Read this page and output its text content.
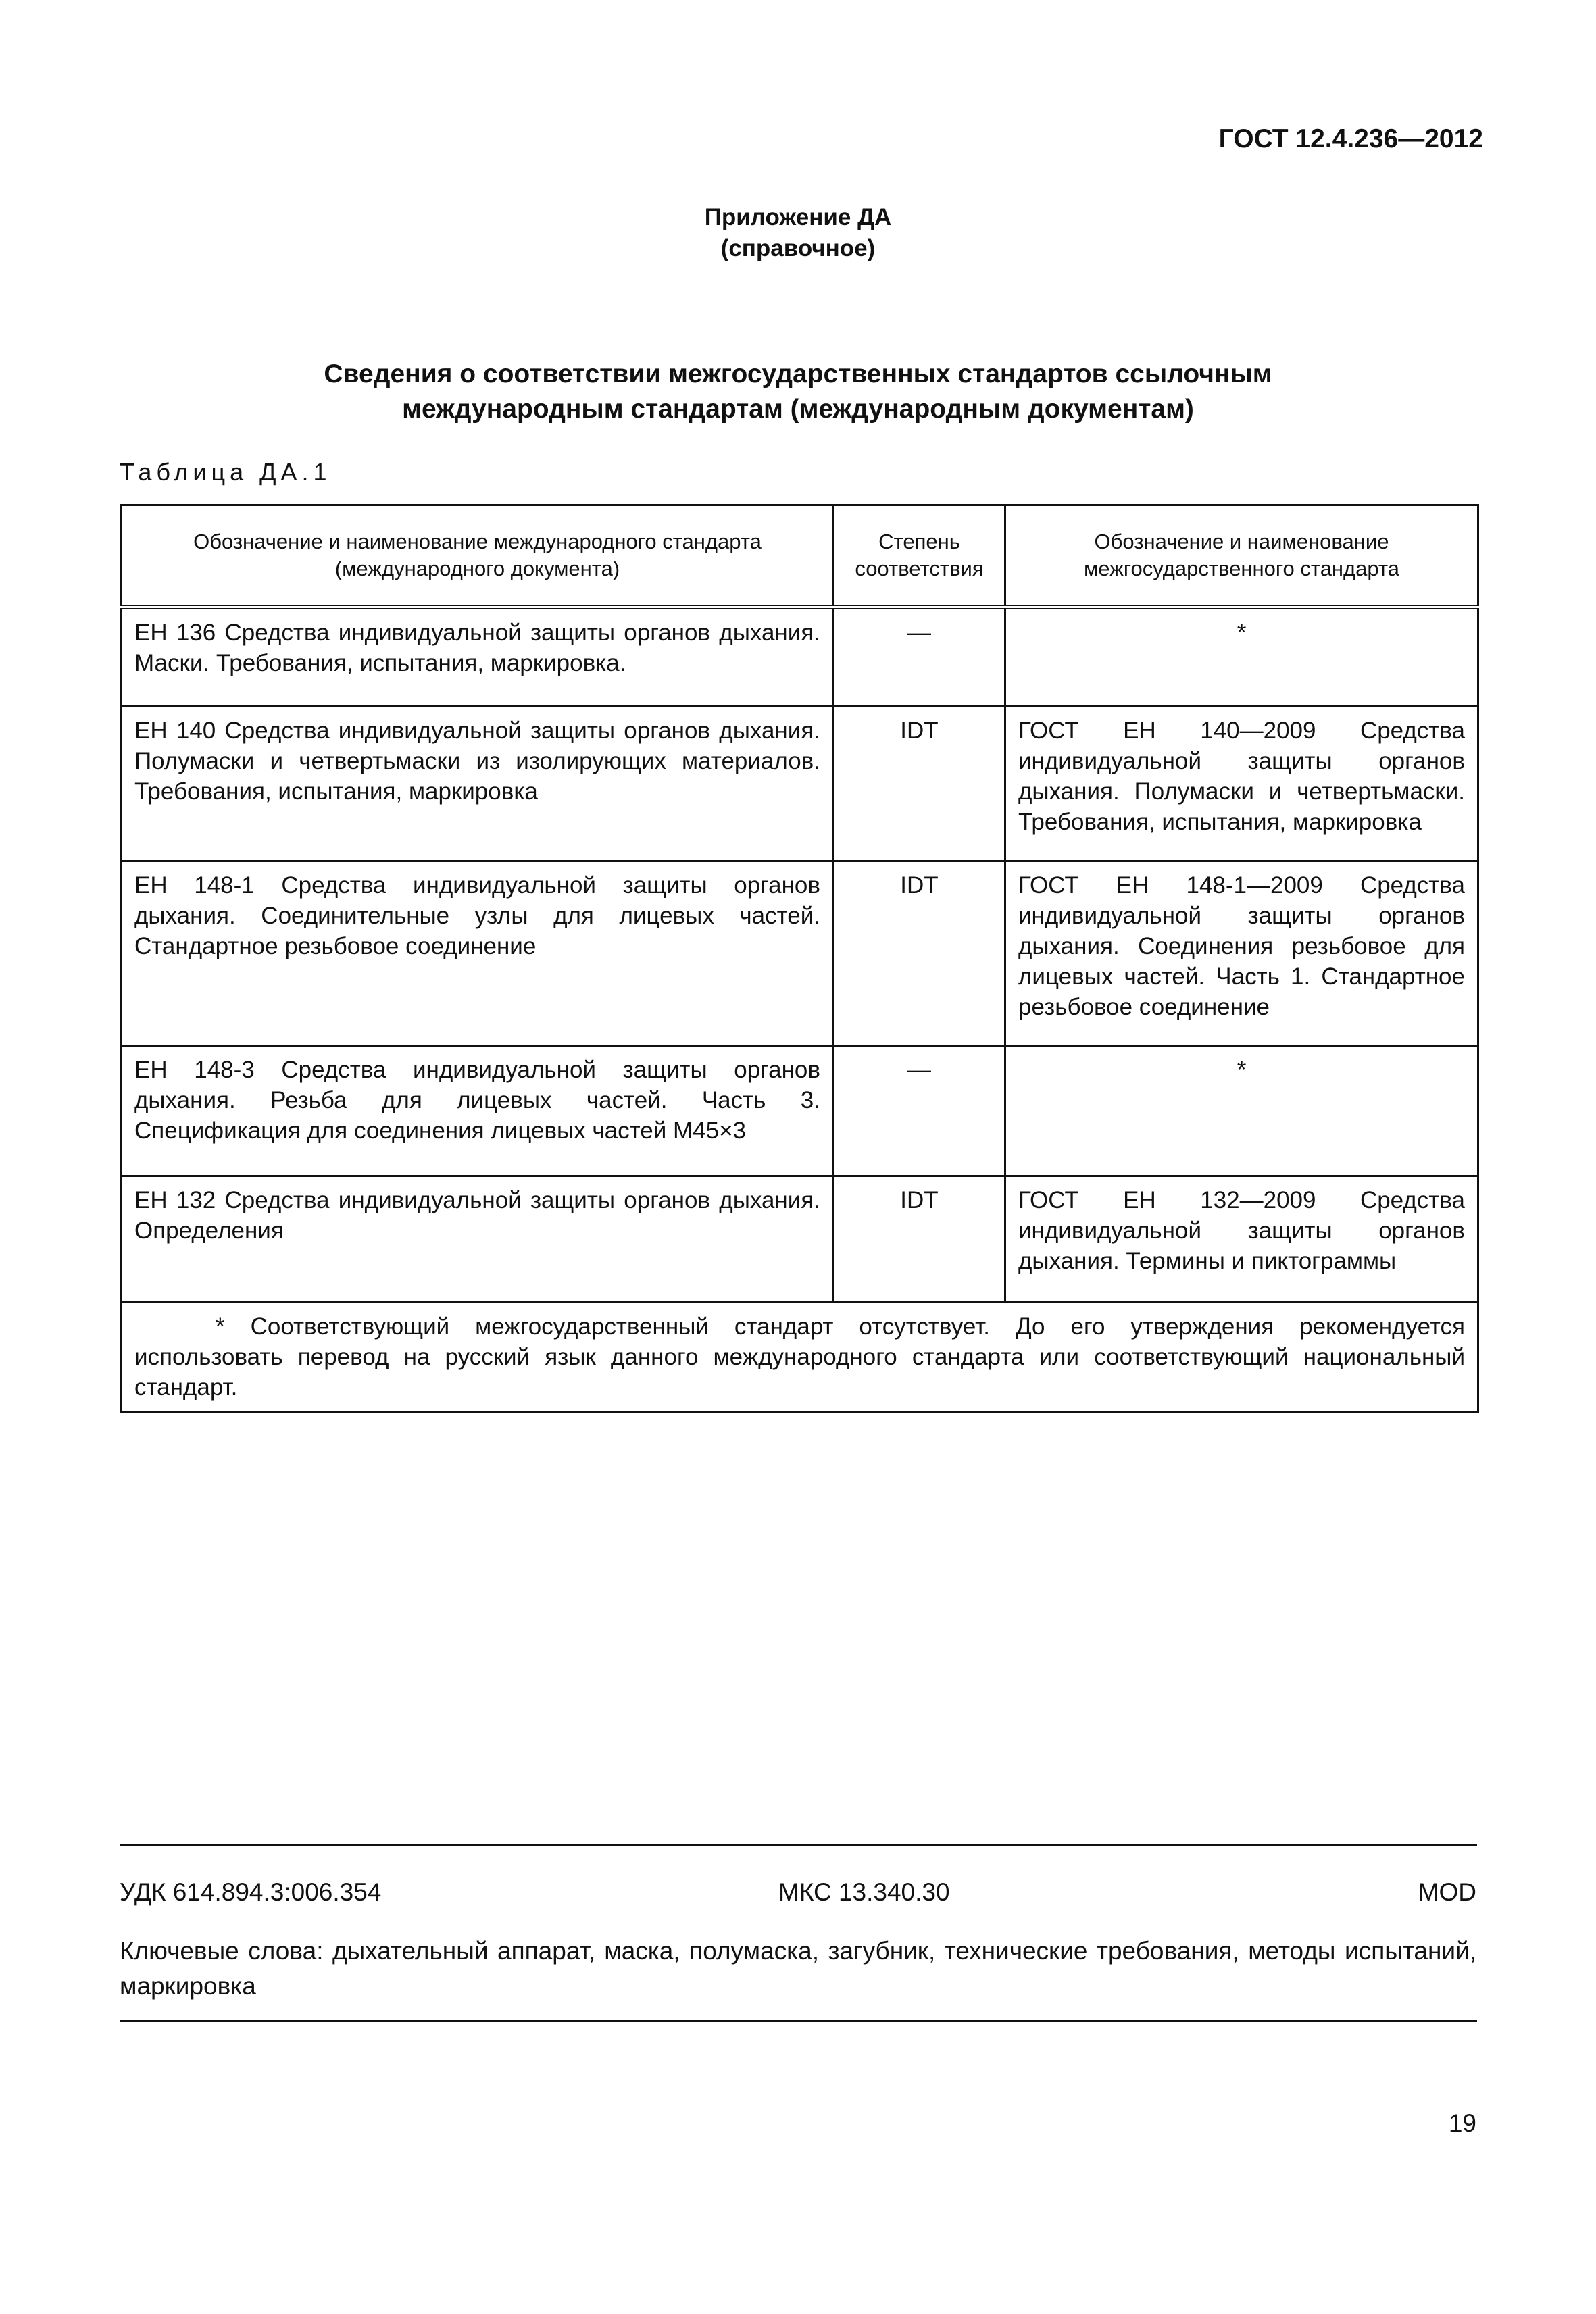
ГОСТ 12.4.236—2012
Приложение ДА
(справочное)
Сведения о соответствии межгосударственных стандартов ссылочным
международным стандартам (международным документам)
Таблица ДА.1
Обозначение и наименование международного стандарта (международного документа)	Степень соответствия	Обозначение и наименование межгосударственного стандарта
ЕН 136 Средства индивидуальной защиты органов дыхания. Маски. Требования, испытания, маркировка.	—	*
ЕН 140 Средства индивидуальной защиты органов дыхания. Полумаски и четвертьмаски из изолирующих материалов. Требования, испытания, маркировка	IDT	ГОСТ ЕН 140—2009 Средства индивидуальной защиты органов дыхания. Полумаски и четвертьмаски. Требования, испытания, маркировка
ЕН 148-1 Средства индивидуальной защиты органов дыхания. Соединительные узлы для лицевых частей. Стандартное резьбовое соединение	IDT	ГОСТ ЕН 148-1—2009 Средства индивидуальной защиты органов дыхания. Соединения резьбовое для лицевых частей. Часть 1. Стандартное резьбовое соединение
ЕН 148-3 Средства индивидуальной защиты органов дыхания. Резьба для лицевых частей. Часть 3. Спецификация для соединения лицевых частей М45×3	—	*
ЕН 132 Средства индивидуальной защиты органов дыхания. Определения	IDT	ГОСТ ЕН 132—2009 Средства индивидуальной защиты органов дыхания. Термины и пиктограммы
* Соответствующий межгосударственный стандарт отсутствует. До его утверждения рекомендуется использовать перевод на русский язык данного международного стандарта или соответствующий национальный стандарт.		
УДК 614.894.3:006.354	МКС 13.340.30	MOD
Ключевые слова: дыхательный аппарат, маска, полумаска, загубник, технические требования, методы испытаний, маркировка
19
